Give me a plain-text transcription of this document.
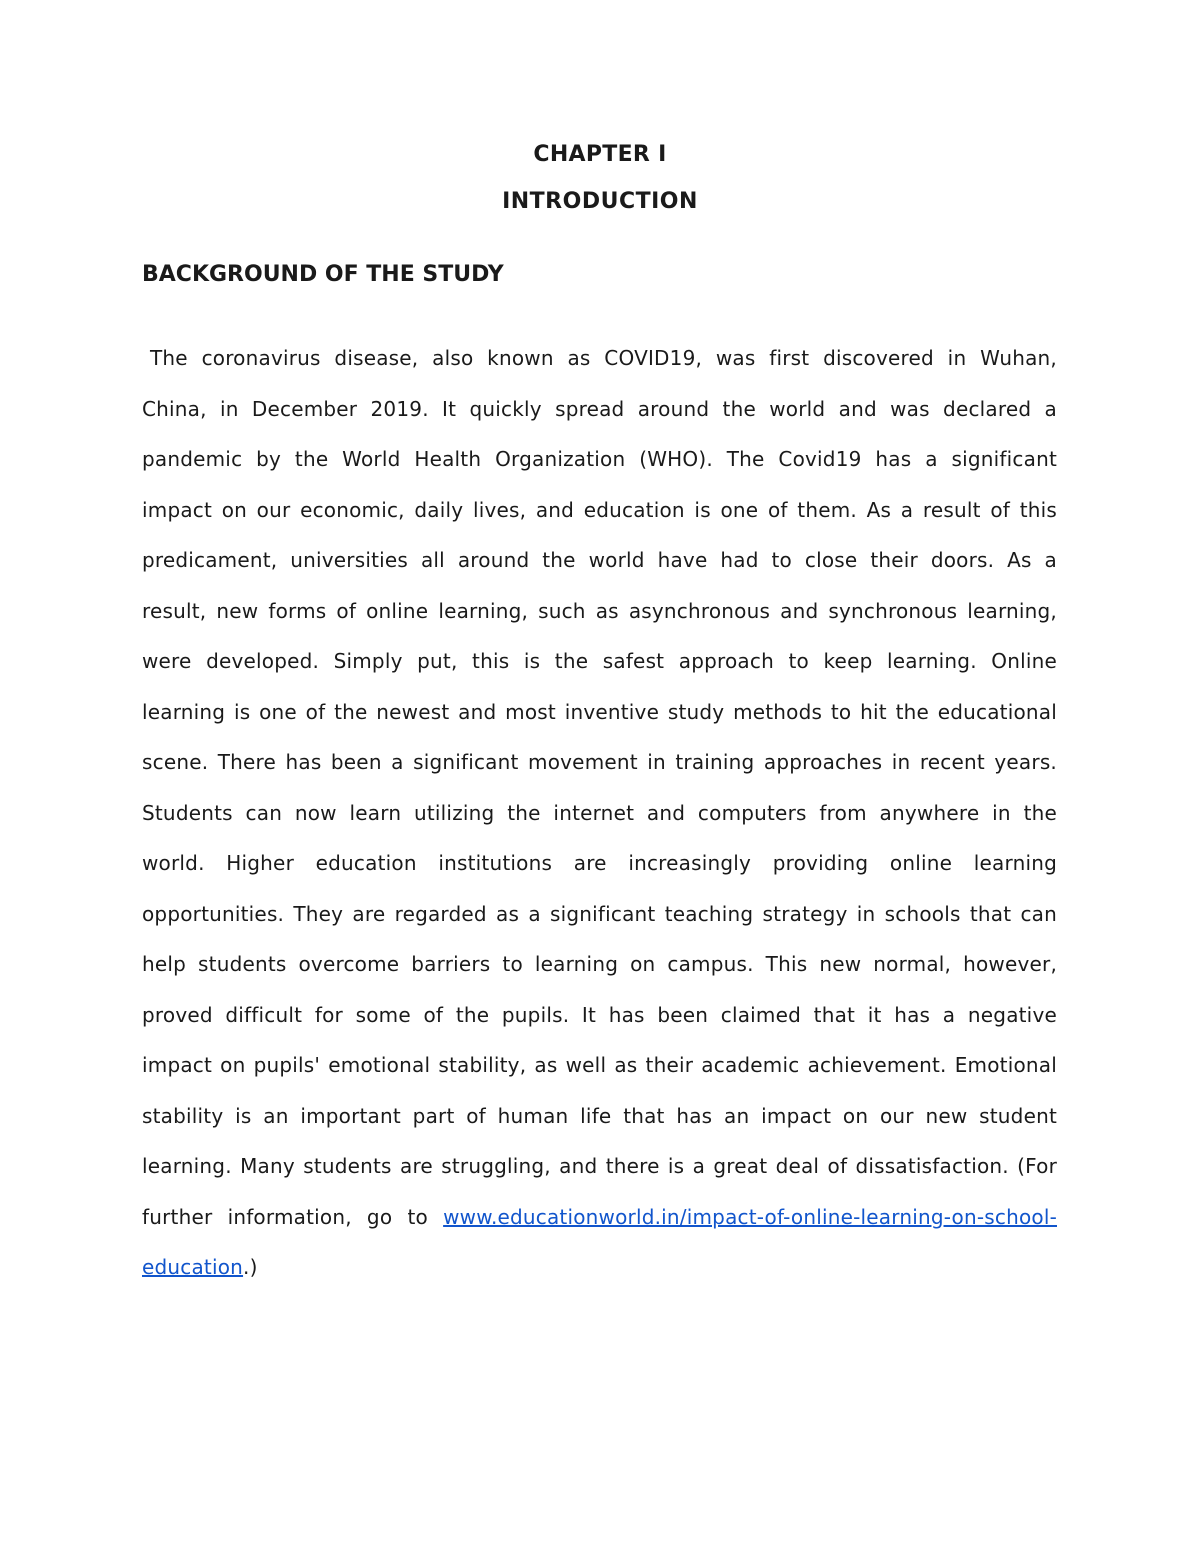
CHAPTER I
INTRODUCTION
BACKGROUND OF THE STUDY

The coronavirus disease, also known as COVID19, was first discovered in Wuhan, China, in December 2019. It quickly spread around the world and was declared a pandemic by the World Health Organization (WHO). The Covid19 has a significant impact on our economic, daily lives, and education is one of them. As a result of this predicament, universities all around the world have had to close their doors. As a result, new forms of online learning, such as asynchronous and synchronous learning, were developed. Simply put, this is the safest approach to keep learning. Online learning is one of the newest and most inventive study methods to hit the educational scene. There has been a significant movement in training approaches in recent years. Students can now learn utilizing the internet and computers from anywhere in the world. Higher education institutions are increasingly providing online learning opportunities. They are regarded as a significant teaching strategy in schools that can help students overcome barriers to learning on campus. This new normal, however, proved difficult for some of the pupils. It has been claimed that it has a negative impact on pupils' emotional stability, as well as their academic achievement. Emotional stability is an important part of human life that has an impact on our new student learning. Many students are struggling, and there is a great deal of dissatisfaction. (For further information, go to www.educationworld.in/impact-of-online-learning-on-school-education.)
